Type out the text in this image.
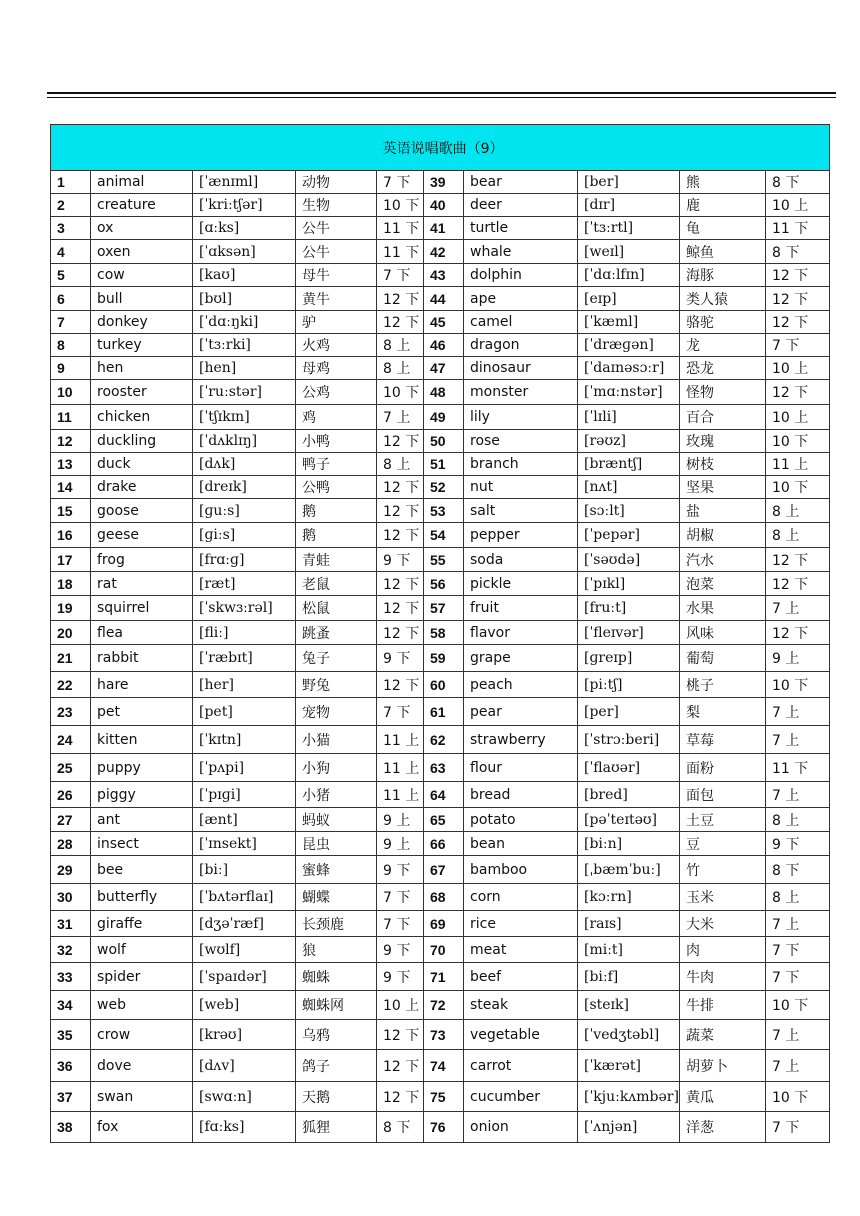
英语说唱歌曲（9）									
1	animal	[ˈænɪml]	动物	7 下	39	bear	[ber]	熊	8 下
2	creature	[ˈkriːtʃər]	生物	10 下	40	deer	[dɪr]	鹿	10 上
3	ox	[ɑːks]	公牛	11 下	41	turtle	[ˈtɜːrtl]	龟	11 下
4	oxen	[ˈɑksən]	公牛	11 下	42	whale	[weɪl]	鲸鱼	8 下
5	cow	[kaʊ]	母牛	7 下	43	dolphin	[ˈdɑːlfɪn]	海豚	12 下
6	bull	[bʊl]	黄牛	12 下	44	ape	[eɪp]	类人猿	12 下
7	donkey	[ˈdɑːŋki]	驴	12 下	45	camel	[ˈkæml]	骆驼	12 下
8	turkey	[ˈtɜːrki]	火鸡	8 上	46	dragon	[ˈdræɡən]	龙	7 下
9	hen	[hen]	母鸡	8 上	47	dinosaur	[ˈdaɪnəsɔːr]	恐龙	10 上
10	rooster	[ˈruːstər]	公鸡	10 下	48	monster	[ˈmɑːnstər]	怪物	12 下
11	chicken	[ˈtʃɪkɪn]	鸡	7 上	49	lily	[ˈlɪli]	百合	10 上
12	duckling	[ˈdʌklɪŋ]	小鸭	12 下	50	rose	[rəʊz]	玫瑰	10 下
13	duck	[dʌk]	鸭子	8 上	51	branch	[bræntʃ]	树枝	11 上
14	drake	[dreɪk]	公鸭	12 下	52	nut	[nʌt]	坚果	10 下
15	goose	[ɡuːs]	鹅	12 下	53	salt	[sɔːlt]	盐	8 上
16	geese	[ɡiːs]	鹅	12 下	54	pepper	[ˈpepər]	胡椒	8 上
17	frog	[frɑːɡ]	青蛙	9 下	55	soda	[ˈsəʊdə]	汽水	12 下
18	rat	[ræt]	老鼠	12 下	56	pickle	[ˈpɪkl]	泡菜	12 下
19	squirrel	[ˈskwɜːrəl]	松鼠	12 下	57	fruit	[fruːt]	水果	7 上
20	flea	[fliː]	跳蚤	12 下	58	flavor	[ˈfleɪvər]	风味	12 下
21	rabbit	[ˈræbɪt]	兔子	9 下	59	grape	[ɡreɪp]	葡萄	9 上
22	hare	[her]	野兔	12 下	60	peach	[piːtʃ]	桃子	10 下
23	pet	[pet]	宠物	7 下	61	pear	[per]	梨	7 上
24	kitten	[ˈkɪtn]	小猫	11 上	62	strawberry	[ˈstrɔːberi]	草莓	7 上
25	puppy	[ˈpʌpi]	小狗	11 上	63	flour	[ˈflaʊər]	面粉	11 下
26	piggy	[ˈpɪɡi]	小猪	11 上	64	bread	[bred]	面包	7 上
27	ant	[ænt]	蚂蚁	9 上	65	potato	[pəˈteɪtəʊ]	土豆	8 上
28	insect	[ˈɪnsekt]	昆虫	9 上	66	bean	[biːn]	豆	9 下
29	bee	[biː]	蜜蜂	9 下	67	bamboo	[ˌbæmˈbuː]	竹	8 下
30	butterfly	[ˈbʌtərflaɪ]	蝴蝶	7 下	68	corn	[kɔːrn]	玉米	8 上
31	giraffe	[dʒəˈræf]	长颈鹿	7 下	69	rice	[raɪs]	大米	7 上
32	wolf	[wʊlf]	狼	9 下	70	meat	[miːt]	肉	7 下
33	spider	[ˈspaɪdər]	蜘蛛	9 下	71	beef	[biːf]	牛肉	7 下
34	web	[web]	蜘蛛网	10 上	72	steak	[steɪk]	牛排	10 下
35	crow	[krəʊ]	乌鸦	12 下	73	vegetable	[ˈvedʒtəbl]	蔬菜	7 上
36	dove	[dʌv]	鸽子	12 下	74	carrot	[ˈkærət]	胡萝卜	7 上
37	swan	[swɑːn]	天鹅	12 下	75	cucumber	[ˈkjuːkʌmbər]	黄瓜	10 下
38	fox	[fɑːks]	狐狸	8 下	76	onion	[ˈʌnjən]	洋葱	7 下
